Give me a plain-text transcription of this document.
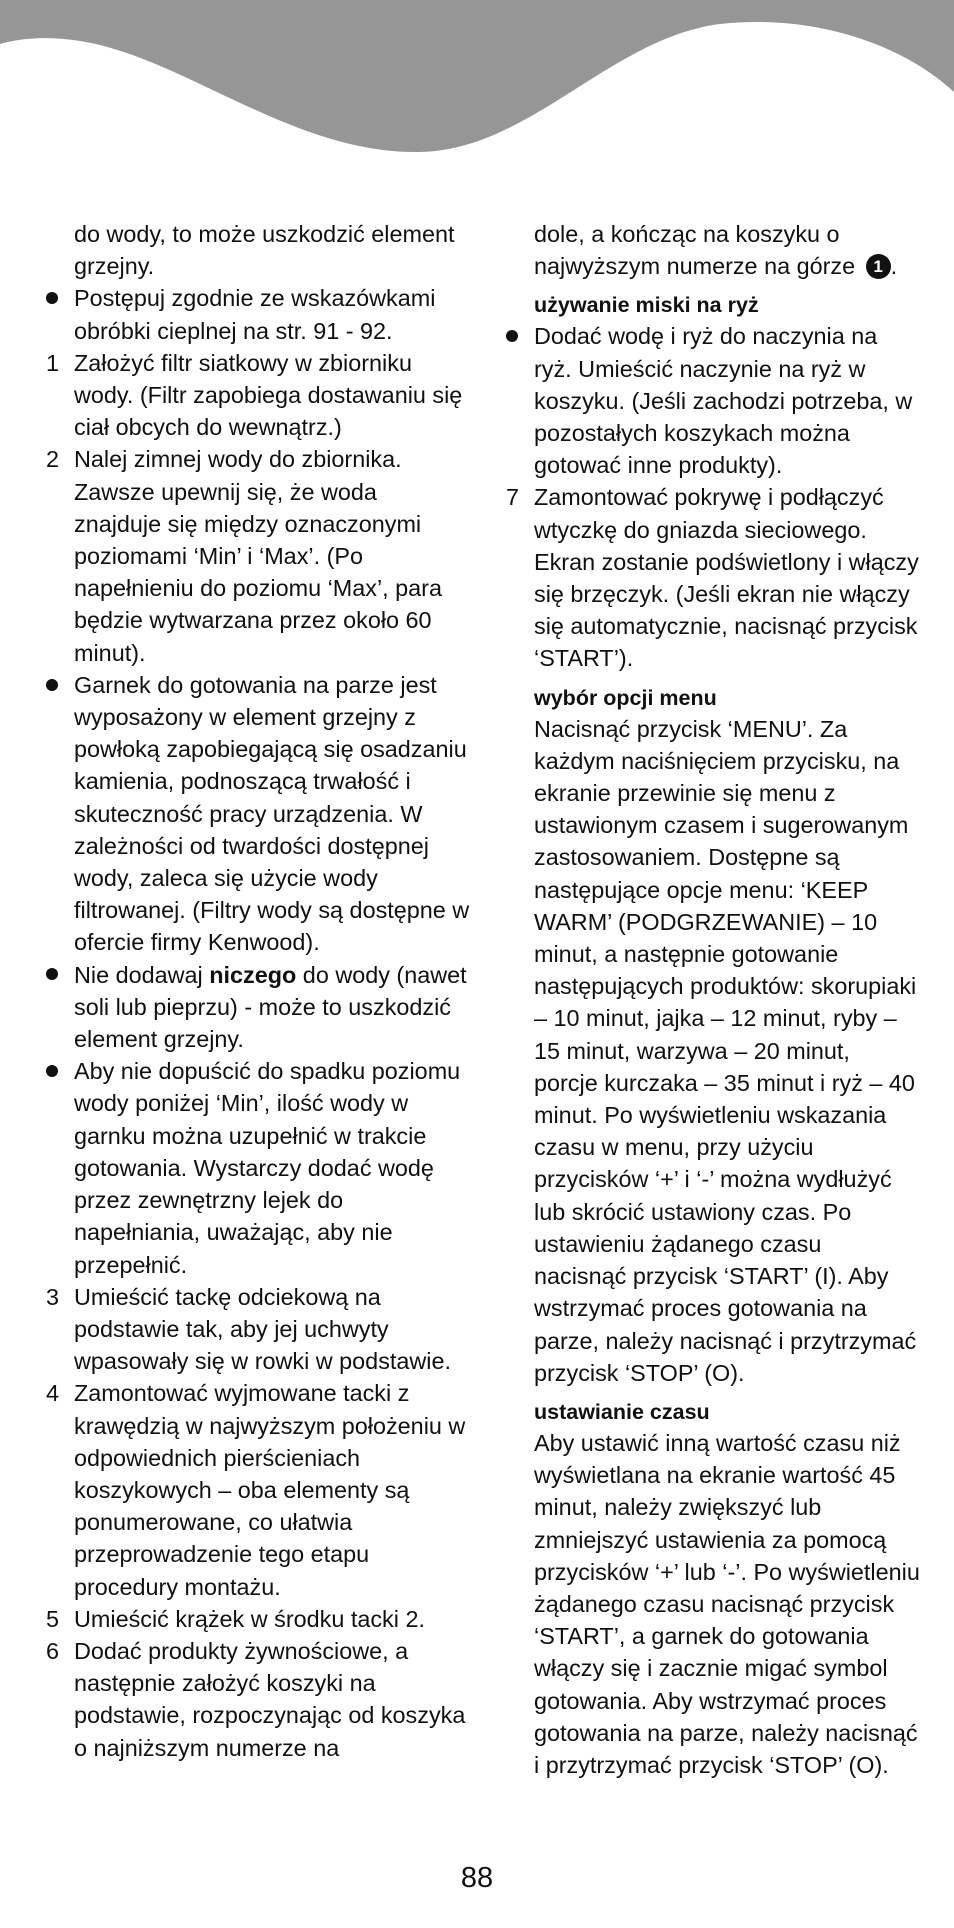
do wody, to może uszkodzić element grzejny.
Postępuj zgodnie ze wskazówkami obróbki cieplnej na str. 91 - 92.
1 Założyć filtr siatkowy w zbiorniku wody. (Filtr zapobiega dostawaniu się ciał obcych do wewnątrz.)
2 Nalej zimnej wody do zbiornika. Zawsze upewnij się, że woda znajduje się między oznaczonymi poziomami ‘Min’ i ‘Max’. (Po napełnieniu do poziomu ‘Max’, para będzie wytwarzana przez około 60 minut).
Garnek do gotowania na parze jest wyposażony w element grzejny z powłoką zapobiegającą się osadzaniu kamienia, podnoszącą trwałość i skuteczność pracy urządzenia. W zależności od twardości dostępnej wody, zaleca się użycie wody filtrowanej. (Filtry wody są dostępne w ofercie firmy Kenwood).
Nie dodawaj niczego do wody (nawet soli lub pieprzu) - może to uszkodzić element grzejny.
Aby nie dopuścić do spadku poziomu wody poniżej ‘Min’, ilość wody w garnku można uzupełnić w trakcie gotowania. Wystarczy dodać wodę przez zewnętrzny lejek do napełniania, uważając, aby nie przepełnić.
3 Umieścić tackę odciekową na podstawie tak, aby jej uchwyty wpasowały się w rowki w podstawie.
4 Zamontować wyjmowane tacki z krawędzią w najwyższym położeniu w odpowiednich pierścieniach koszykowych – oba elementy są ponumerowane, co ułatwia przeprowadzenie tego etapu procedury montażu.
5 Umieścić krążek w środku tacki 2.
6 Dodać produkty żywnościowe, a następnie założyć koszyki na podstawie, rozpoczynając od koszyka o najniższym numerze na
dole, a kończąc na koszyku o najwyższym numerze na górze 1 .
używanie miski na ryż
Dodać wodę i ryż do naczynia na ryż. Umieścić naczynie na ryż w koszyku. (Jeśli zachodzi potrzeba, w pozostałych koszykach można gotować inne produkty).
7 Zamontować pokrywę i podłączyć wtyczkę do gniazda sieciowego. Ekran zostanie podświetlony i włączy się brzęczyk. (Jeśli ekran nie włączy się automatycznie, nacisnąć przycisk ‘START’).
wybór opcji menu
Nacisnąć przycisk ‘MENU’. Za każdym naciśnięciem przycisku, na ekranie przewinie się menu z ustawionym czasem i sugerowanym zastosowaniem. Dostępne są następujące opcje menu: ‘KEEP WARM’ (PODGRZEWANIE) – 10 minut, a następnie gotowanie następujących produktów: skorupiaki – 10 minut, jajka – 12 minut, ryby – 15 minut, warzywa – 20 minut, porcje kurczaka – 35 minut i ryż – 40 minut. Po wyświetleniu wskazania czasu w menu, przy użyciu przycisków ‘+’ i ‘-’ można wydłużyć lub skrócić ustawiony czas. Po ustawieniu żądanego czasu nacisnąć przycisk ‘START’ (I). Aby wstrzymać proces gotowania na parze, należy nacisnąć i przytrzymać przycisk ‘STOP’ (O).
ustawianie czasu
Aby ustawić inną wartość czasu niż wyświetlana na ekranie wartość 45 minut, należy zwiększyć lub zmniejszyć ustawienia za pomocą przycisków ‘+’ lub ‘-’. Po wyświetleniu żądanego czasu nacisnąć przycisk ‘START’, a garnek do gotowania włączy się i zacznie migać symbol gotowania. Aby wstrzymać proces gotowania na parze, należy nacisnąć i przytrzymać przycisk ‘STOP’ (O).
88
